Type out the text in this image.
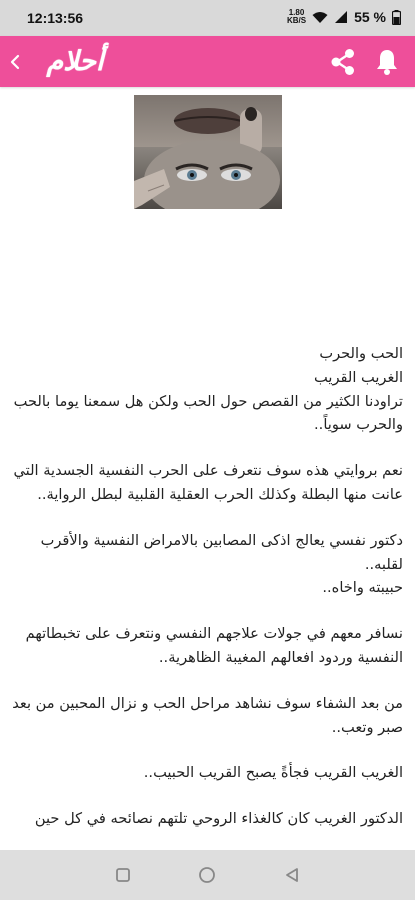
12:13:56	1.80
KB/S	55 %
أحلام وعشق

الحب والحرب

الغريب القريب

تراودنا الكثير من القصص حول الحب ولكن هل سمعنا يوما بالحب والحرب سوياً..

نعم بروايتي هذه سوف نتعرف على الحرب النفسية الجسدية التي عانت منها البطلة وكذلك الحرب العقلية القلبية لبطل الرواية..

دكتور نفسي يعالج اذكى المصابين بالامراض النفسية والأقرب لقلبه..

حبيبته واخاه..

نسافر معهم في جولات علاجهم النفسي ونتعرف على تخبطاتهم النفسية وردود افعالهم المغيبة الظاهرية..

من بعد الشفاء سوف نشاهد مراحل الحب و نزال المحبين من بعد صبر وتعب..

الغريب القريب فجأةً يصبح القريب الحبيب..

الدكتور الغريب كان كالغذاء الروحي تلتهم نصائحه في كل حين
